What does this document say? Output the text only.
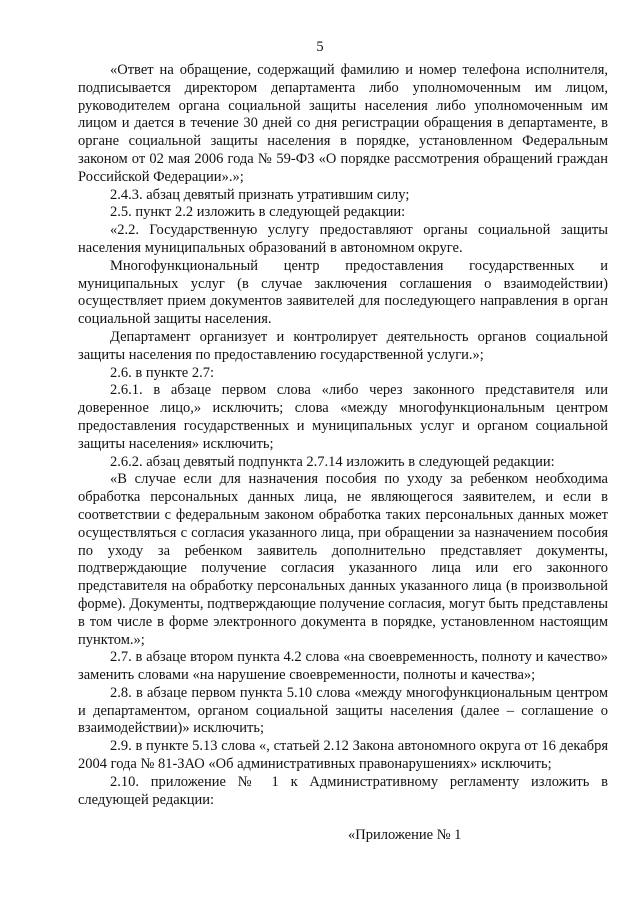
5

«Ответ на обращение, содержащий фамилию и номер телефона исполнителя, подписывается директором департамента либо уполномоченным им лицом, руководителем органа социальной защиты населения либо уполномоченным им лицом и дается в течение 30 дней со дня регистрации обращения в департаменте, в органе социальной защиты населения в порядке, установленном Федеральным законом от 02 мая 2006 года № 59-ФЗ «О порядке рассмотрения обращений граждан Российской Федерации».»;

2.4.3. абзац девятый признать утратившим силу;

2.5. пункт 2.2 изложить в следующей редакции:

«2.2. Государственную услугу предоставляют органы социальной защиты населения муниципальных образований в автономном округе.

Многофункциональный центр предоставления государственных и муниципальных услуг (в случае заключения соглашения о взаимодействии) осуществляет прием документов заявителей для последующего направления в орган социальной защиты населения.

Департамент организует и контролирует деятельность органов социальной защиты населения по предоставлению государственной услуги.»;

2.6. в пункте 2.7:

2.6.1. в абзаце первом слова «либо через законного представителя или доверенное лицо,» исключить; слова «между многофункциональным центром предоставления государственных и муниципальных услуг и органом социальной защиты населения» исключить;

2.6.2. абзац девятый подпункта 2.7.14 изложить в следующей редакции:

«В случае если для назначения пособия по уходу за ребенком необходима обработка персональных данных лица, не являющегося заявителем, и если в соответствии с федеральным законом обработка таких персональных данных может осуществляться с согласия указанного лица, при обращении за назначением пособия по уходу за ребенком заявитель дополнительно представляет документы, подтверждающие получение согласия указанного лица или его законного представителя на обработку персональных данных указанного лица (в произвольной форме). Документы, подтверждающие получение согласия, могут быть представлены в том числе в форме электронного документа в порядке, установленном настоящим пунктом.»;

2.7. в абзаце втором пункта 4.2 слова «на своевременность, полноту и качество» заменить словами «на нарушение своевременности, полноты и качества»;

2.8. в абзаце первом пункта 5.10 слова «между многофункциональным центром и департаментом, органом социальной защиты населения (далее – соглашение о взаимодействии)» исключить;

2.9. в пункте 5.13 слова «, статьей 2.12 Закона автономного округа от 16 декабря 2004 года № 81-ЗАО «Об административных правонарушениях» исключить;

2.10. приложение № 1 к Административному регламенту изложить в следующей редакции:

«Приложение № 1
